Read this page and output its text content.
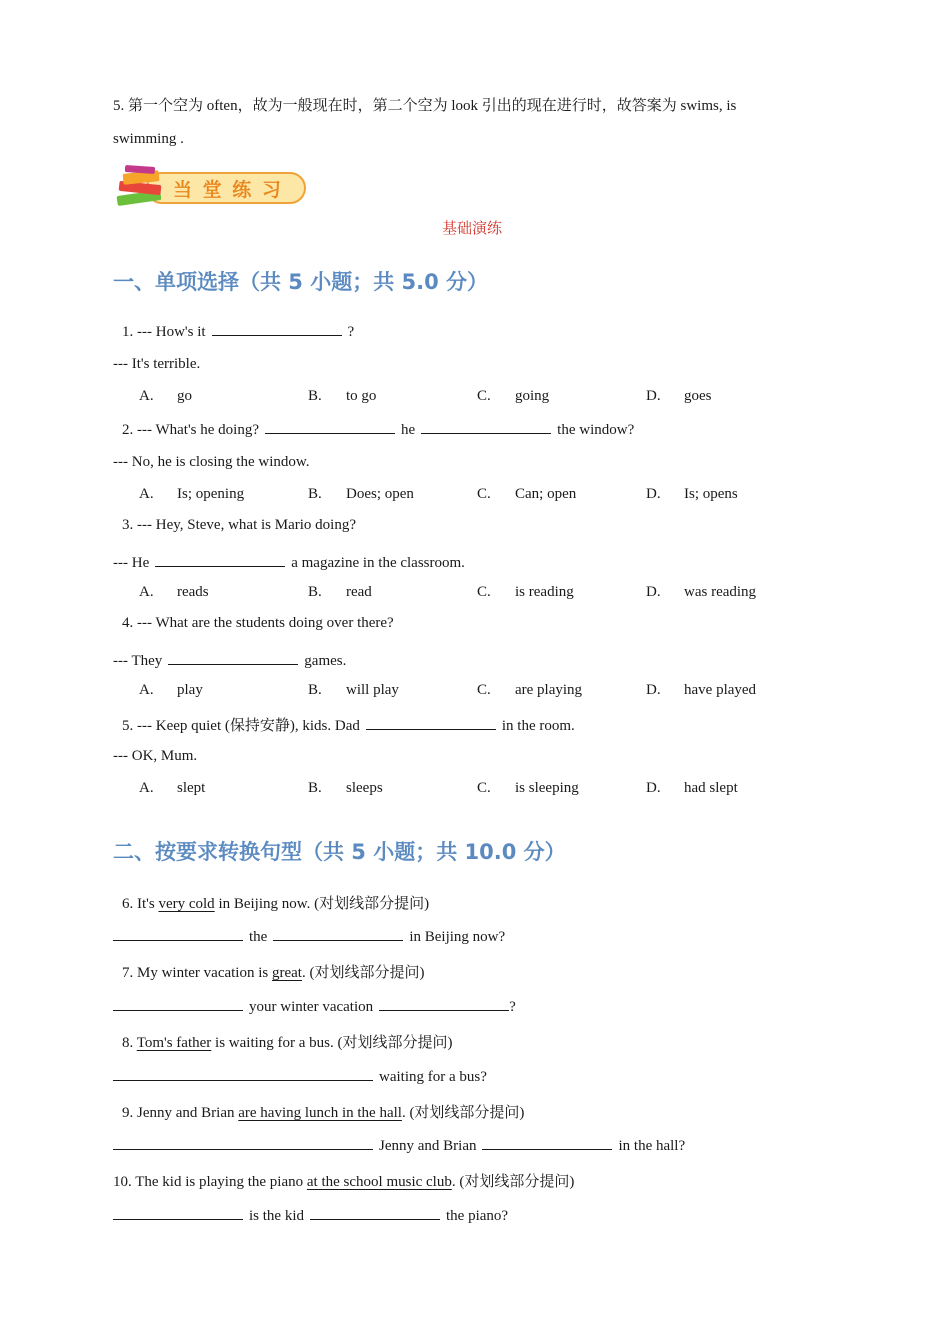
5. 第一个空为 often，故为一般现在时，第二个空为 look 引出的现在进行时，故答案为 swims, is
swimming .
当 堂 练 习
基础演练
一、单项选择（共 5 小题；共 5.0 分）
1. --- How's it	?
--- It's terrible.
A. go	B. to go	C. going	D. goes
2. --- What's he doing?	he	the window?
--- No, he is closing the window.
A. Is; opening	B. Does; open	C. Can; open	D. Is; opens
3. --- Hey, Steve, what is Mario doing?
--- He	a magazine in the classroom.
A. reads	B. read	C. is reading	D. was reading
4. --- What are the students doing over there?
--- They	games.
A. play	B. will play	C. are playing	D. have played
5. --- Keep quiet (保持安静), kids. Dad	in the room.
--- OK, Mum.
A. slept	B. sleeps	C. is sleeping	D. had slept
二、按要求转换句型（共 5 小题；共 10.0 分）
6. It's very cold in Beijing now. (对划线部分提问)
the	in Beijing now?
7. My winter vacation is great. (对划线部分提问)
your winter vacation	?
8. Tom's father is waiting for a bus. (对划线部分提问)
waiting for a bus?
9. Jenny and Brian are having lunch in the hall. (对划线部分提问)
Jenny and Brian	in the hall?
10. The kid is playing the piano at the school music club. (对划线部分提问)
is the kid	the piano?
